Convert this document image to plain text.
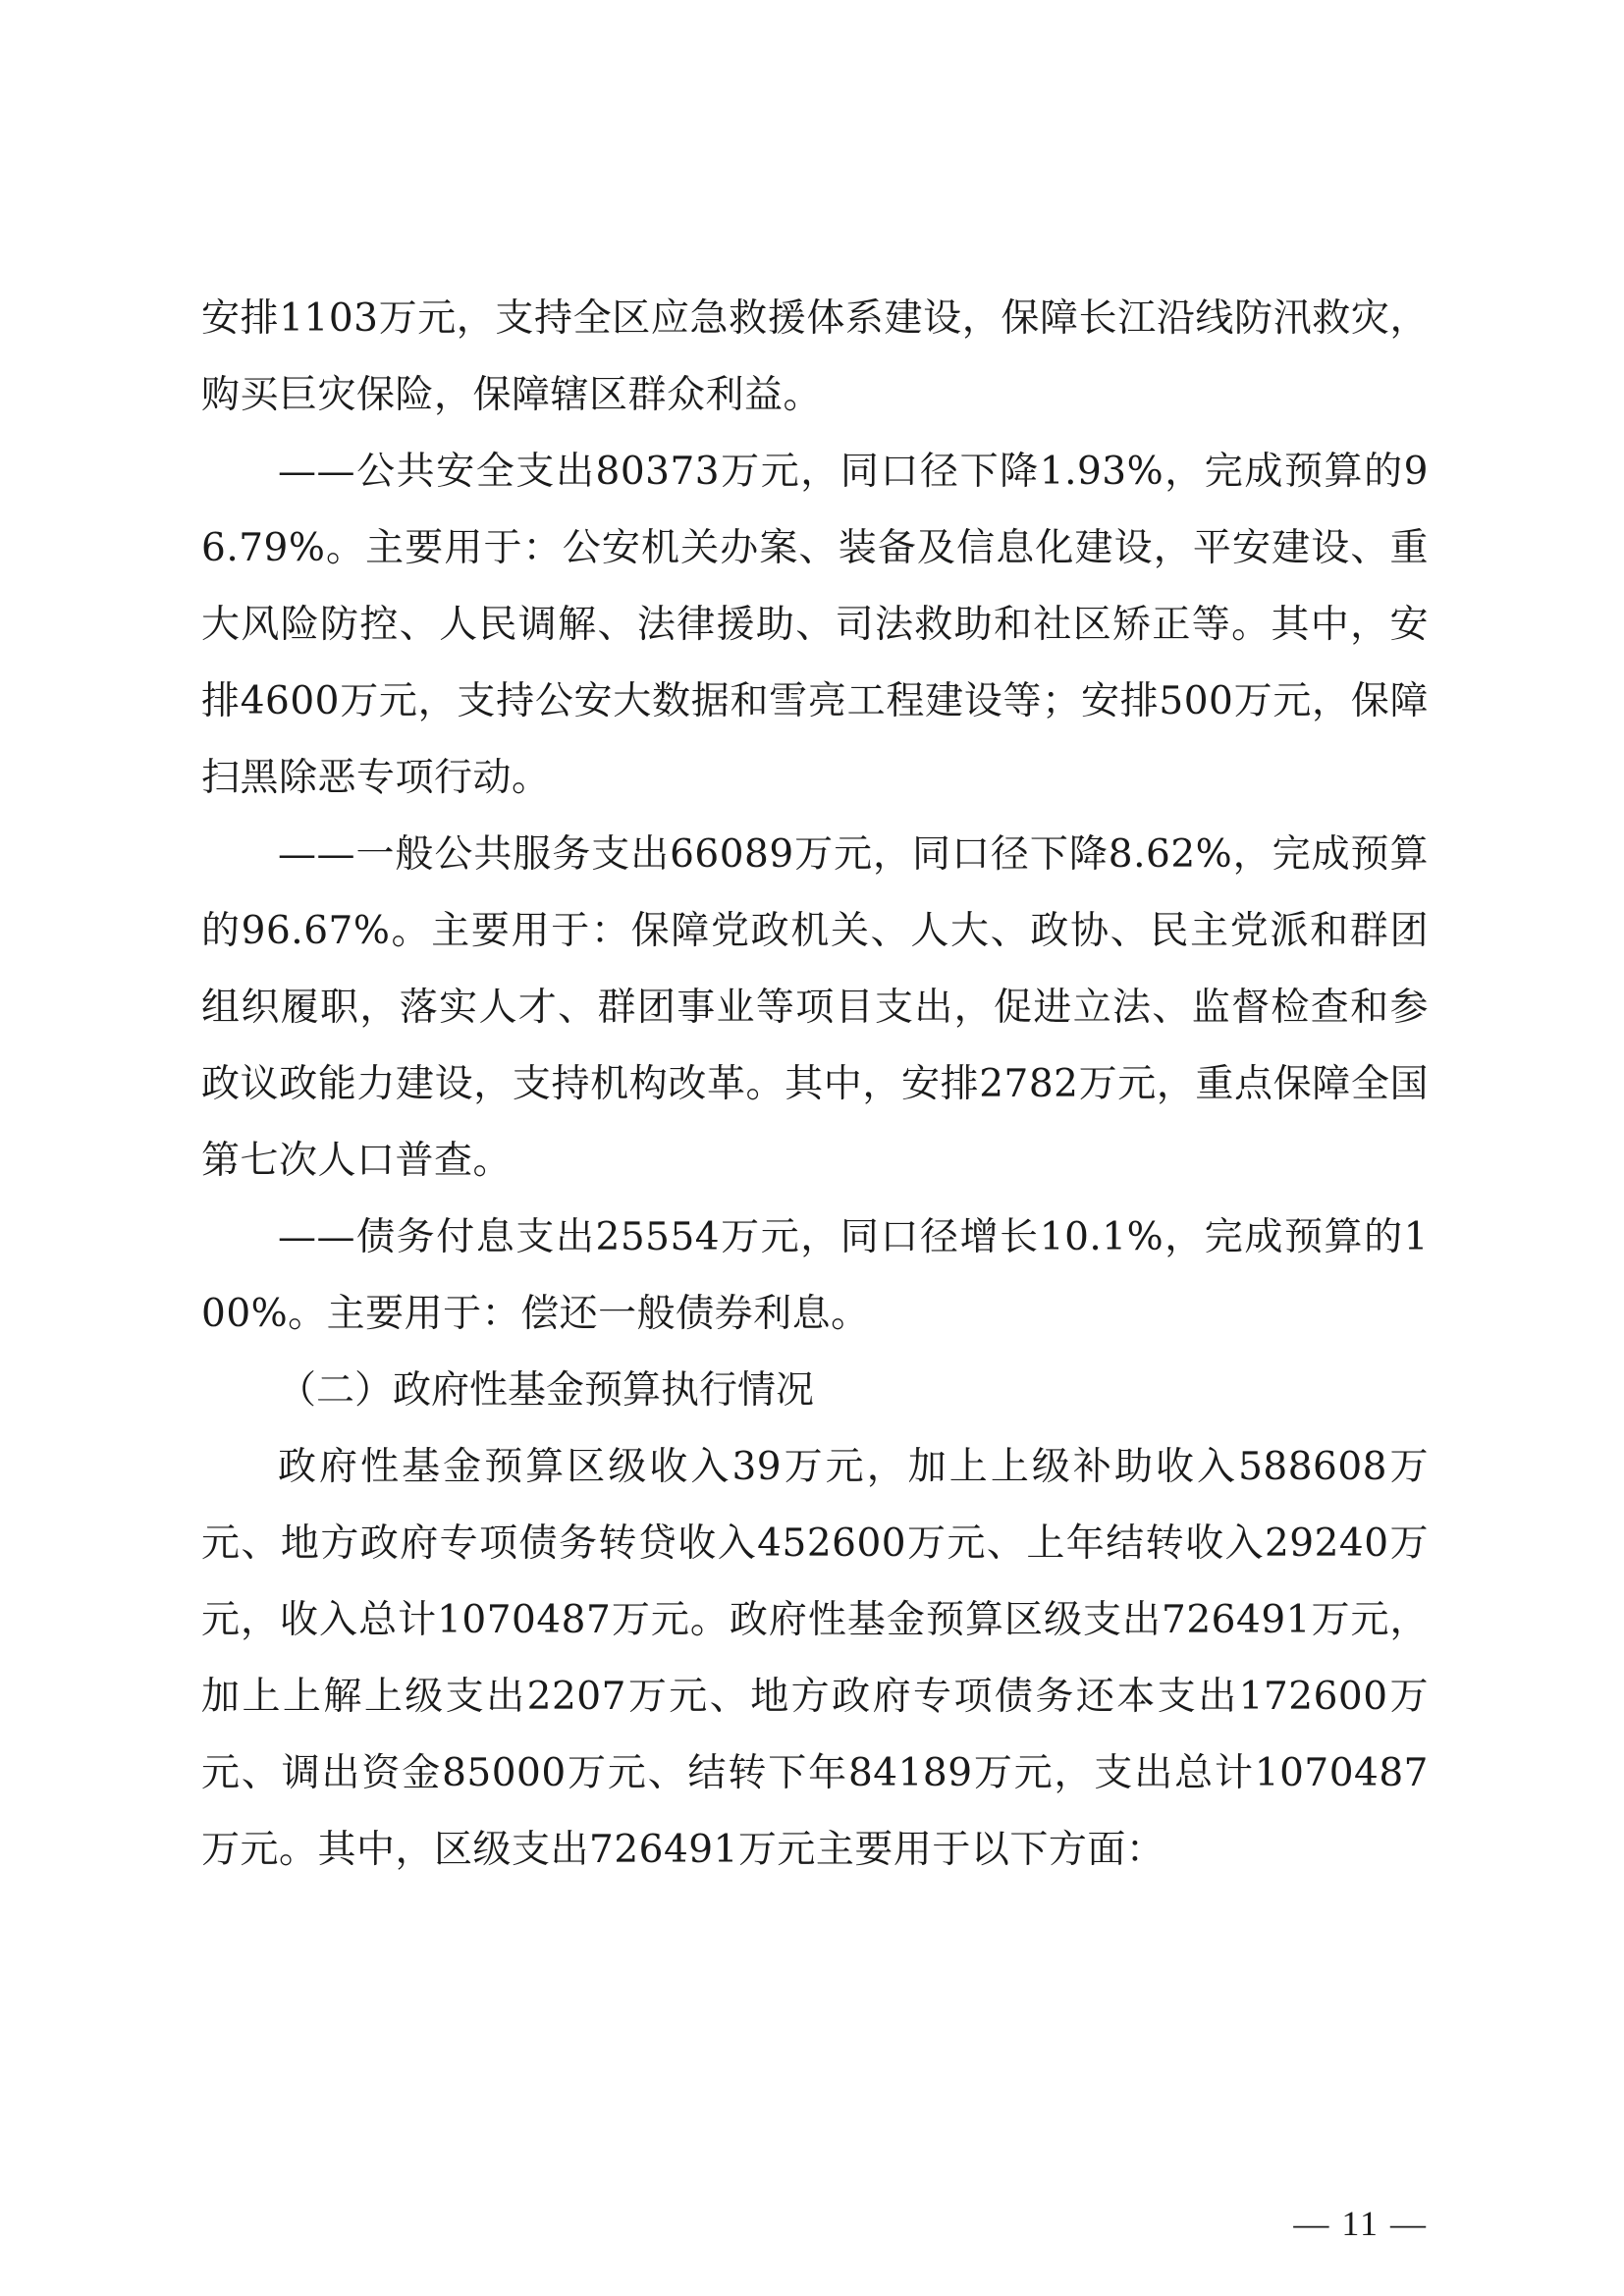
安排1103万元，支持全区应急救援体系建设，保障长江沿线防汛救灾，购买巨灾保险，保障辖区群众利益。

——公共安全支出80373万元，同口径下降1.93%，完成预算的96.79%。主要用于：公安机关办案、装备及信息化建设，平安建设、重大风险防控、人民调解、法律援助、司法救助和社区矫正等。其中，安排4600万元，支持公安大数据和雪亮工程建设等；安排500万元，保障扫黑除恶专项行动。

——一般公共服务支出66089万元，同口径下降8.62%，完成预算的96.67%。主要用于：保障党政机关、人大、政协、民主党派和群团组织履职，落实人才、群团事业等项目支出，促进立法、监督检查和参政议政能力建设，支持机构改革。其中，安排2782万元，重点保障全国第七次人口普查。

——债务付息支出25554万元，同口径增长10.1%，完成预算的100%。主要用于：偿还一般债券利息。

（二）政府性基金预算执行情况

政府性基金预算区级收入39万元，加上上级补助收入588608万元、地方政府专项债务转贷收入452600万元、上年结转收入29240万元，收入总计1070487万元。政府性基金预算区级支出726491万元，加上上解上级支出2207万元、地方政府专项债务还本支出172600万元、调出资金85000万元、结转下年84189万元，支出总计1070487万元。其中，区级支出726491万元主要用于以下方面：

— 11 —
